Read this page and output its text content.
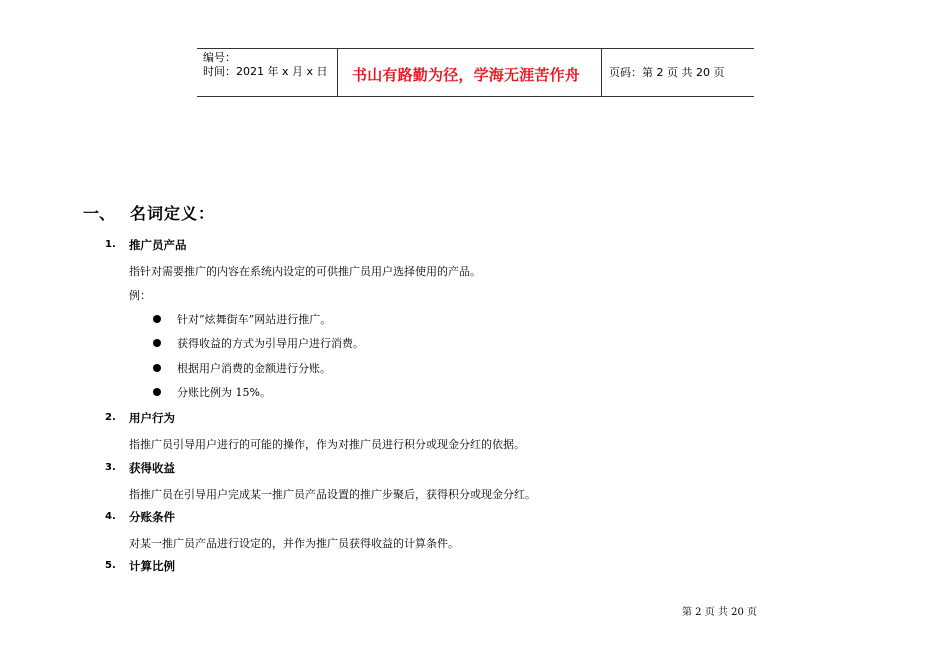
编号：
时间：2021 年 x 月 x 日 书山有路勤为径，学海无涯苦作舟	页码：第 2 页 共 20 页
一、 名词定义：
1. 推广员产品
指针对需要推广的内容在系统内设定的可供推广员用户选择使用的产品。
例：
针对“炫舞街车”网站进行推广。
获得收益的方式为引导用户进行消费。
根据用户消费的金额进行分账。
分账比例为 15%。
2. 用户行为
指推广员引导用户进行的可能的操作，作为对推广员进行积分或现金分红的依据。
3. 获得收益
指推广员在引导用户完成某一推广员产品设置的推广步聚后，获得积分或现金分红。
4. 分账条件
对某一推广员产品进行设定的，并作为推广员获得收益的计算条件。
5. 计算比例
第 2 页 共 20 页
